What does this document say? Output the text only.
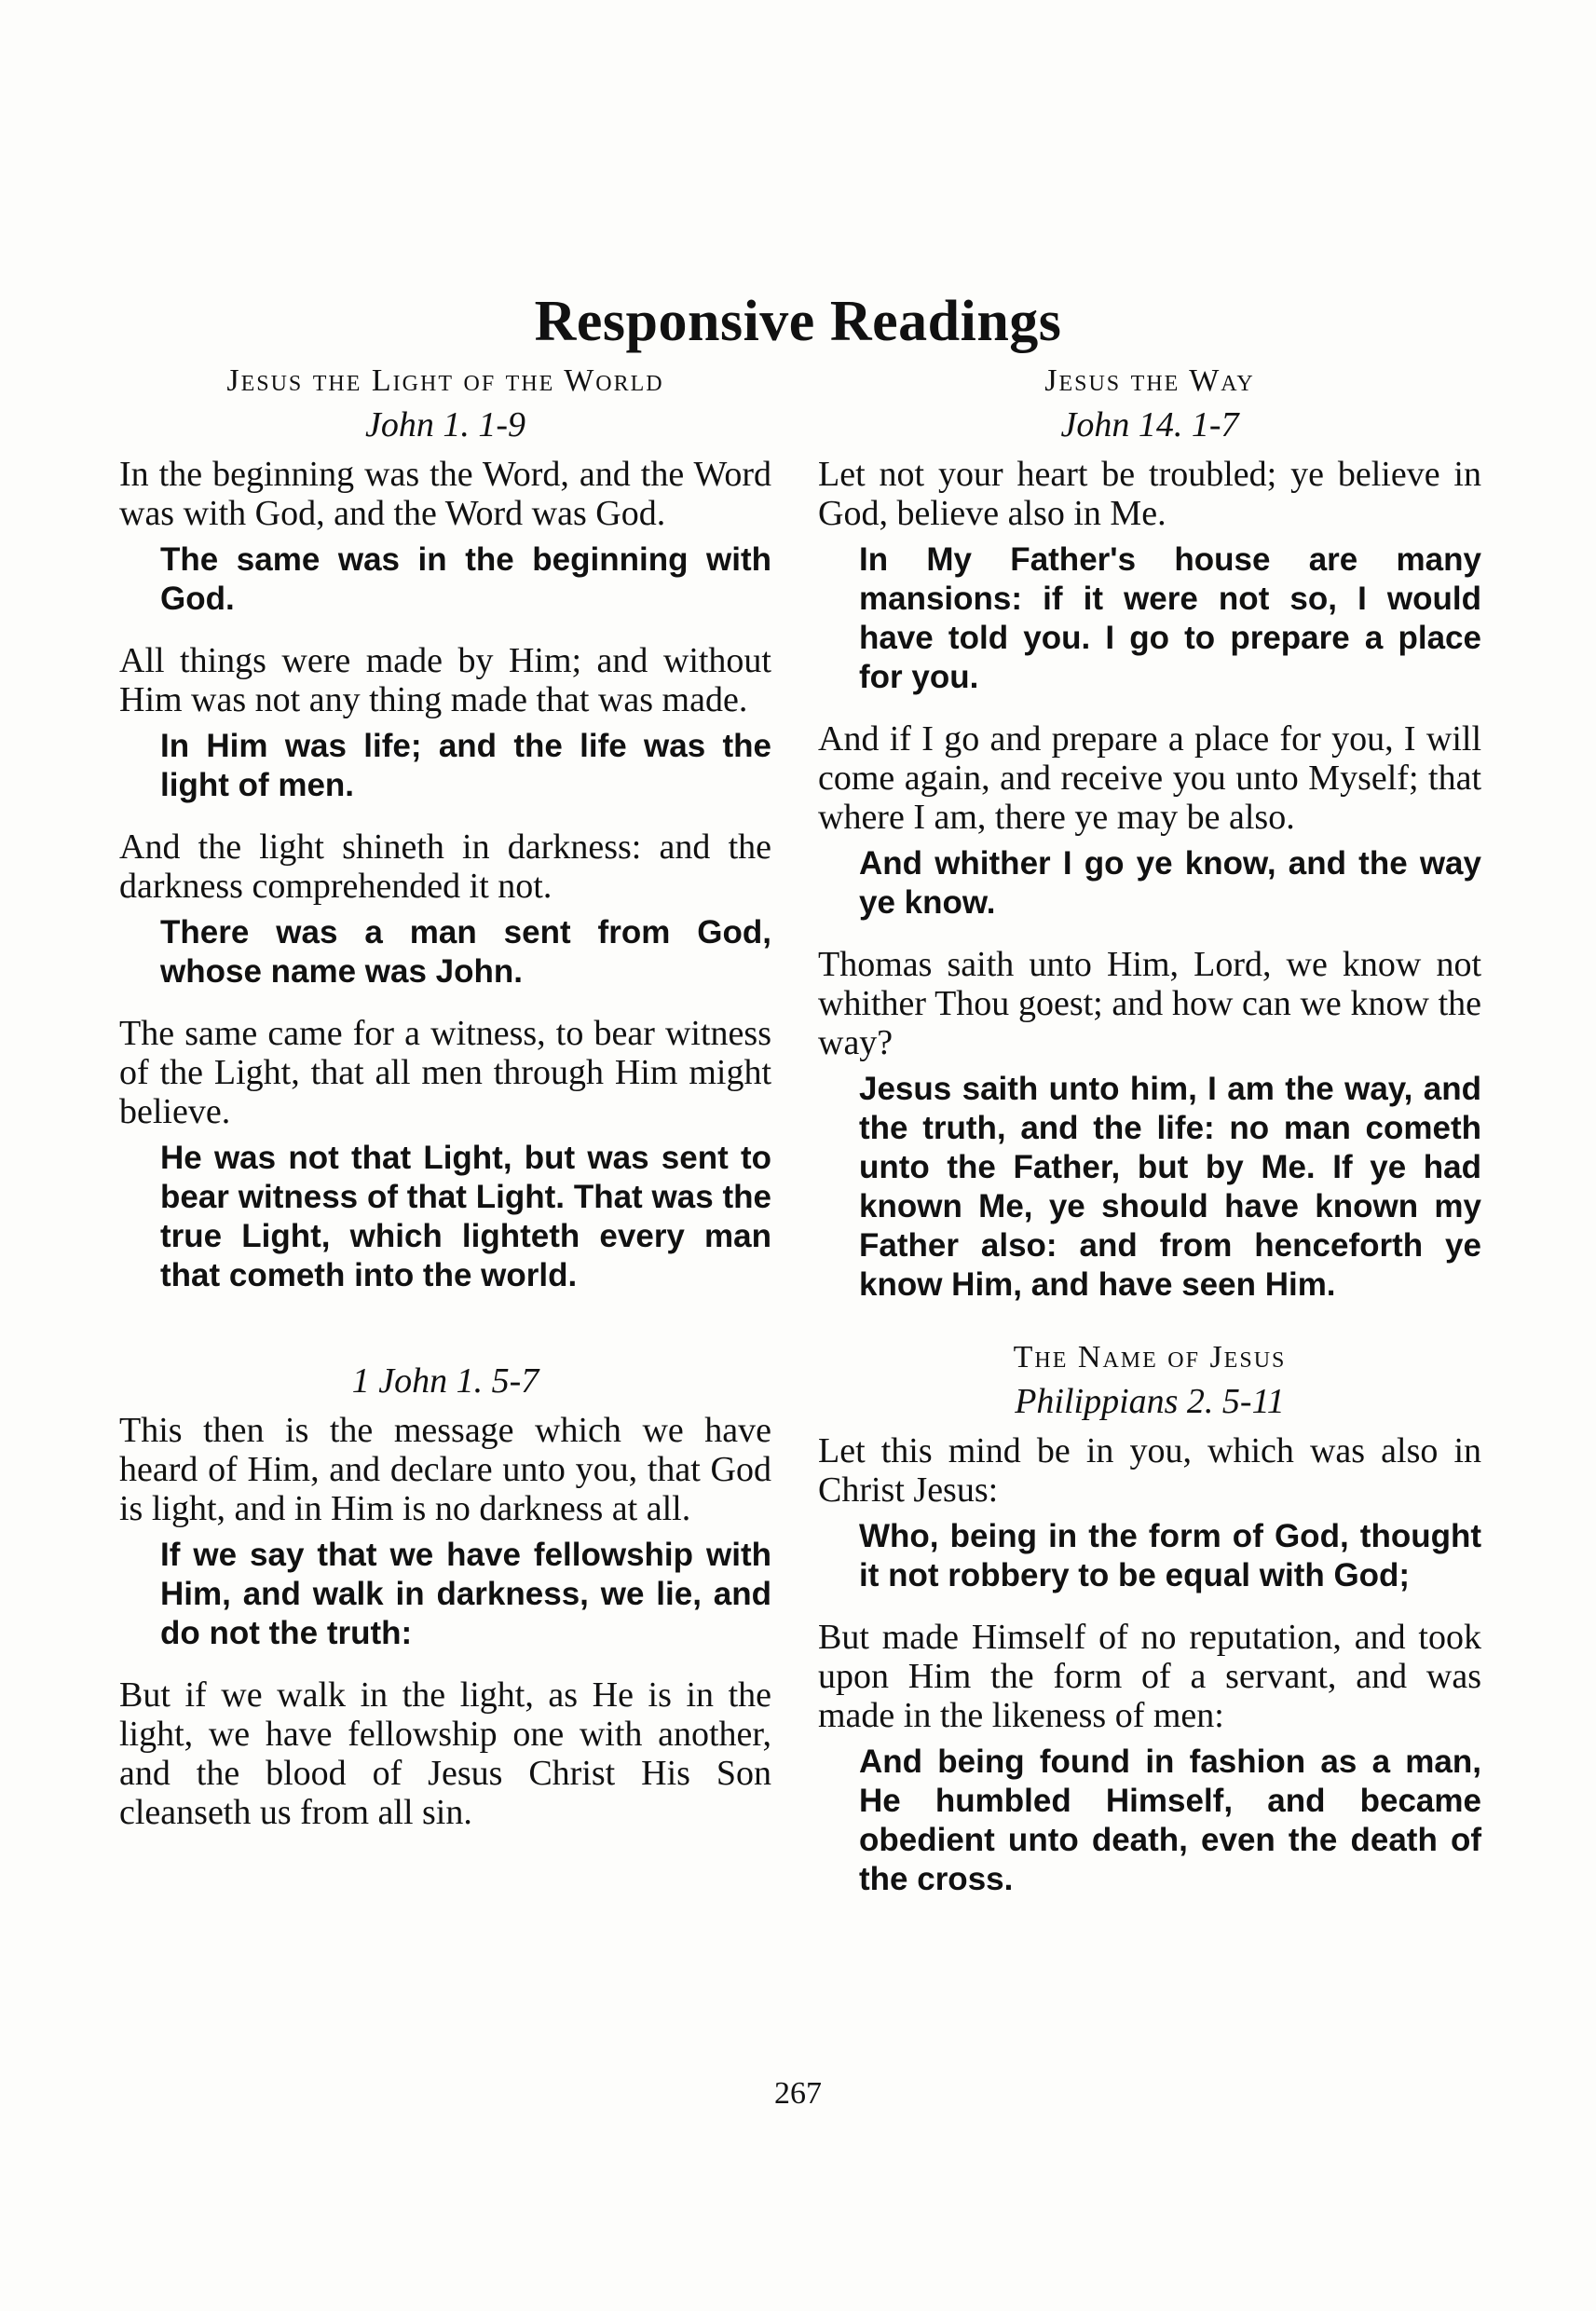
Responsive Readings

Jesus the Light of the World

John 1. 1-9

In the beginning was the Word, and the Word was with God, and the Word was God.

The same was in the beginning with God.

All things were made by Him; and without Him was not any thing made that was made.

In Him was life; and the life was the light of men.

And the light shineth in darkness: and the darkness comprehended it not.

There was a man sent from God, whose name was John.

The same came for a witness, to bear witness of the Light, that all men through Him might believe.

He was not that Light, but was sent to bear witness of that Light. That was the true Light, which lighteth every man that cometh into the world.

1 John 1. 5-7

This then is the message which we have heard of Him, and declare unto you, that God is light, and in Him is no darkness at all.

If we say that we have fellowship with Him, and walk in darkness, we lie, and do not the truth:

But if we walk in the light, as He is in the light, we have fellowship one with another, and the blood of Jesus Christ His Son cleanseth us from all sin.

Jesus the Way

John 14. 1-7

Let not your heart be troubled; ye believe in God, believe also in Me.

In My Father's house are many mansions: if it were not so, I would have told you. I go to prepare a place for you.

And if I go and prepare a place for you, I will come again, and receive you unto Myself; that where I am, there ye may be also.

And whither I go ye know, and the way ye know.

Thomas saith unto Him, Lord, we know not whither Thou goest; and how can we know the way?

Jesus saith unto him, I am the way, and the truth, and the life: no man cometh unto the Father, but by Me. If ye had known Me, ye should have known my Father also: and from henceforth ye know Him, and have seen Him.

The Name of Jesus

Philippians 2. 5-11

Let this mind be in you, which was also in Christ Jesus:

Who, being in the form of God, thought it not robbery to be equal with God;

But made Himself of no reputation, and took upon Him the form of a servant, and was made in the likeness of men:

And being found in fashion as a man, He humbled Himself, and became obedient unto death, even the death of the cross.

267
